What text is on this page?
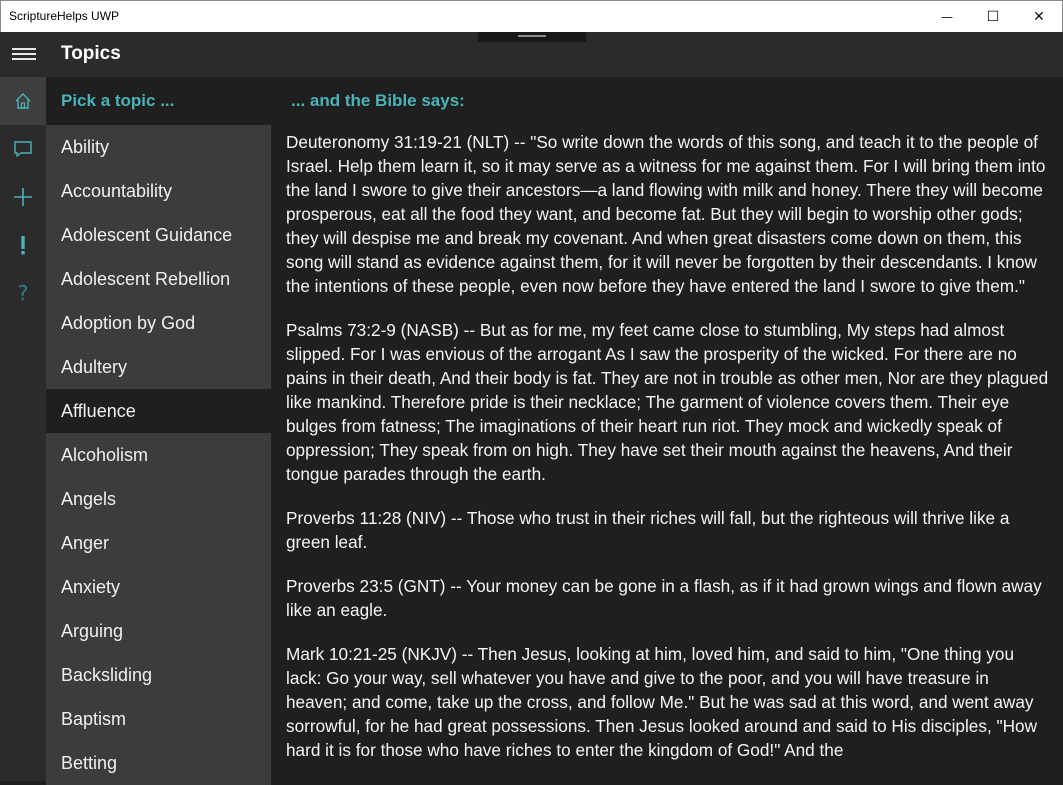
ScriptureHelps UWP	— ☐ ✕
Topics
?
Pick a topic ...
Ability
Accountability
Adolescent Guidance
Adolescent Rebellion
Adoption by God
Adultery
Affluence
Alcoholism
Angels
Anger
Anxiety
Arguing
Backsliding
Baptism
Betting
... and the Bible says:

Deuteronomy 31:19-21 (NLT) -- "So write down the words of this song, and teach it to the people of Israel. Help them learn it, so it may serve as a witness for me against them. For I will bring them into the land I swore to give their ancestors—a land flowing with milk and honey. There they will become prosperous, eat all the food they want, and become fat. But they will begin to worship other gods; they will despise me and break my covenant. And when great disasters come down on them, this song will stand as evidence against them, for it will never be forgotten by their descendants. I know the intentions of these people, even now before they have entered the land I swore to give them."

Psalms 73:2-9 (NASB) -- But as for me, my feet came close to stumbling, My steps had almost slipped. For I was envious of the arrogant As I saw the prosperity of the wicked. For there are no pains in their death, And their body is fat. They are not in trouble as other men, Nor are they plagued like mankind. Therefore pride is their necklace; The garment of violence covers them. Their eye bulges from fatness; The imaginations of their heart run riot. They mock and wickedly speak of oppression; They speak from on high. They have set their mouth against the heavens, And their tongue parades through the earth.

Proverbs 11:28 (NIV) -- Those who trust in their riches will fall, but the righteous will thrive like a green leaf.

Proverbs 23:5 (GNT) -- Your money can be gone in a flash, as if it had grown wings and flown away like an eagle.

Mark 10:21-25 (NKJV) -- Then Jesus, looking at him, loved him, and said to him, "One thing you lack: Go your way, sell whatever you have and give to the poor, and you will have treasure in heaven; and come, take up the cross, and follow Me." But he was sad at this word, and went away sorrowful, for he had great possessions. Then Jesus looked around and said to His disciples, "How hard it is for those who have riches to enter the kingdom of God!" And the
